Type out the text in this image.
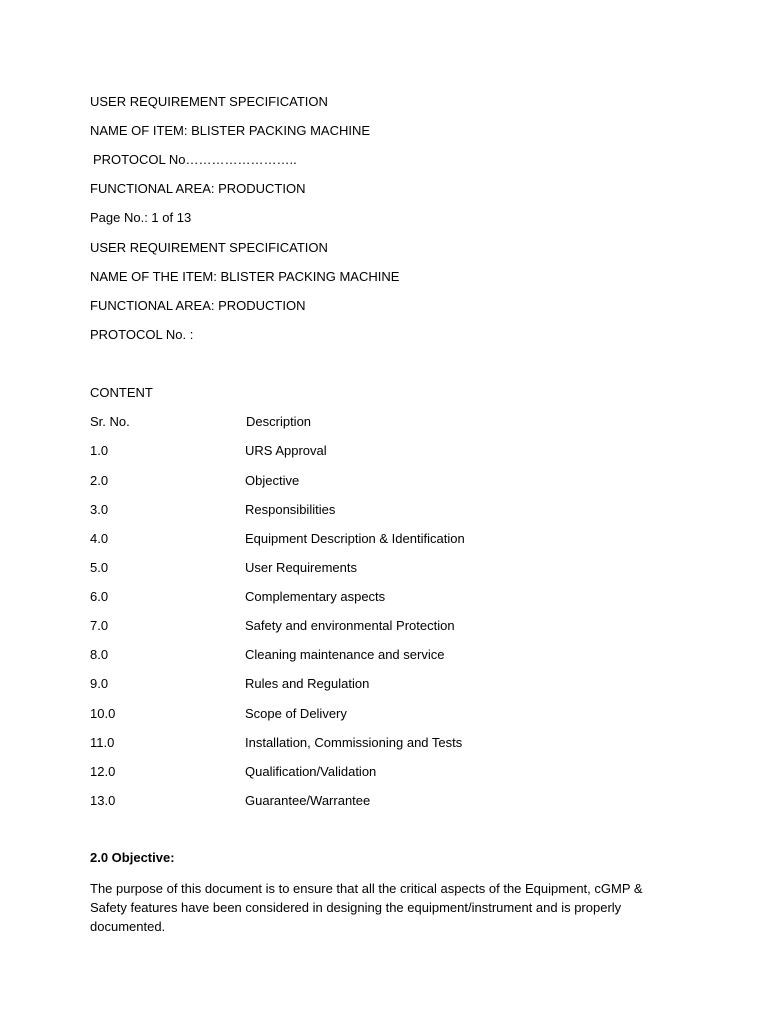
USER REQUIREMENT SPECIFICATION
NAME OF ITEM: BLISTER PACKING MACHINE
PROTOCOL No……………………..
FUNCTIONAL AREA: PRODUCTION
Page No.: 1 of 13
USER REQUIREMENT SPECIFICATION
NAME OF THE ITEM: BLISTER PACKING MACHINE
FUNCTIONAL AREA: PRODUCTION
PROTOCOL No. :
CONTENT
Sr. No.	Description
1.0	URS Approval
2.0	Objective
3.0	Responsibilities
4.0	Equipment Description & Identification
5.0	User Requirements
6.0	Complementary aspects
7.0	Safety and environmental Protection
8.0	Cleaning maintenance and service
9.0	Rules and Regulation
10.0	Scope of Delivery
11.0	Installation, Commissioning and Tests
12.0	Qualification/Validation
13.0	Guarantee/Warrantee
2.0 Objective:
The purpose of this document is to ensure that all the critical aspects of the Equipment, cGMP & Safety features have been considered in designing the equipment/instrument and is properly documented.
